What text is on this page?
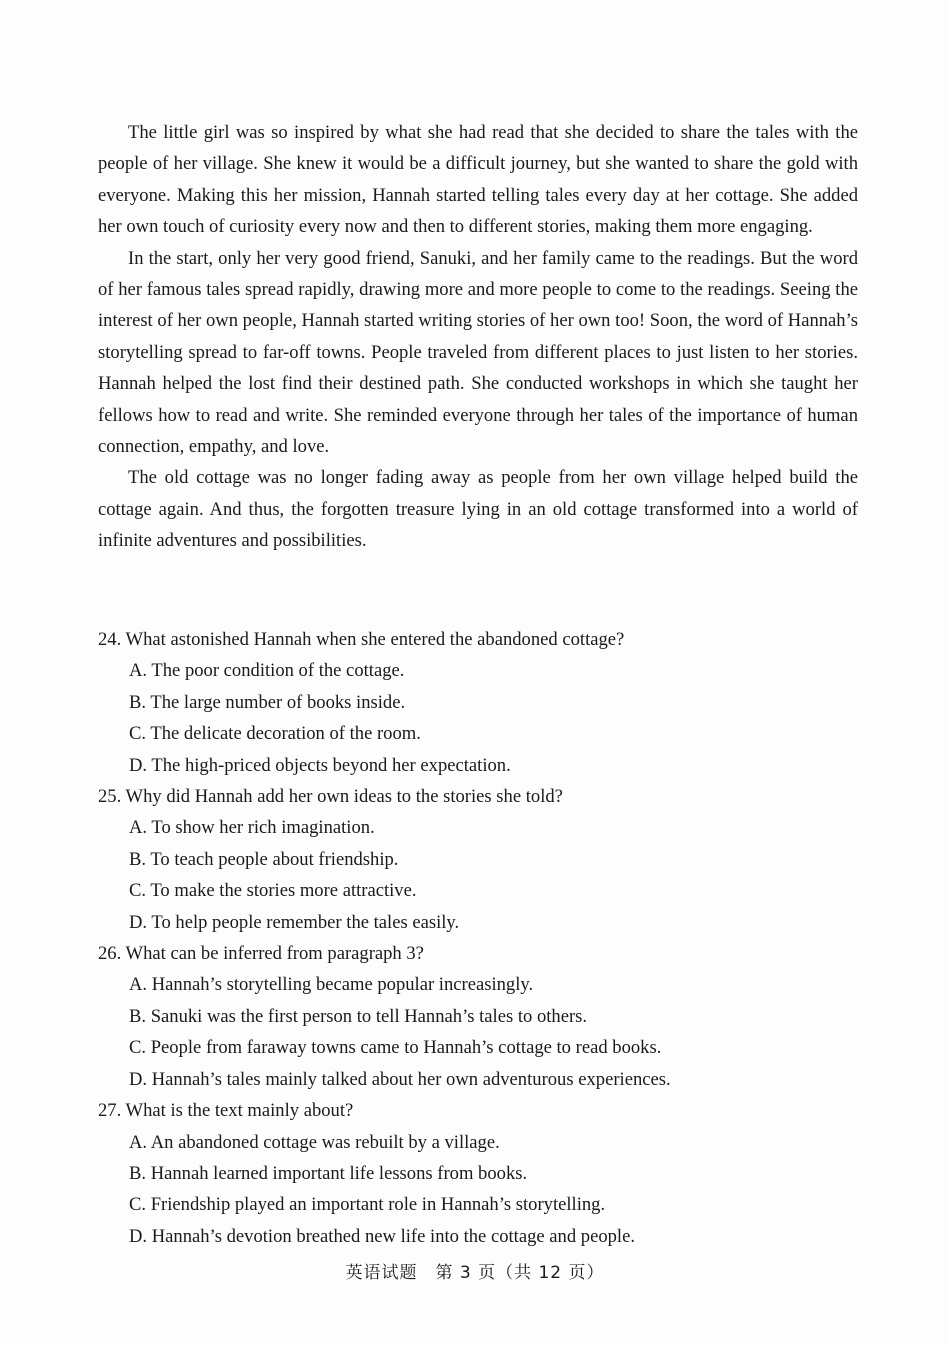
The little girl was so inspired by what she had read that she decided to share the tales with the people of her village. She knew it would be a difficult journey, but she wanted to share the gold with everyone. Making this her mission, Hannah started telling tales every day at her cottage. She added her own touch of curiosity every now and then to different stories, making them more engaging.

In the start, only her very good friend, Sanuki, and her family came to the readings. But the word of her famous tales spread rapidly, drawing more and more people to come to the readings. Seeing the interest of her own people, Hannah started writing stories of her own too! Soon, the word of Hannah’s storytelling spread to far-off towns. People traveled from different places to just listen to her stories. Hannah helped the lost find their destined path. She conducted workshops in which she taught her fellows how to read and write. She reminded everyone through her tales of the importance of human connection, empathy, and love.

The old cottage was no longer fading away as people from her own village helped build the cottage again. And thus, the forgotten treasure lying in an old cottage transformed into a world of infinite adventures and possibilities.

24. What astonished Hannah when she entered the abandoned cottage?
A. The poor condition of the cottage.
B. The large number of books inside.
C. The delicate decoration of the room.
D. The high-priced objects beyond her expectation.
25. Why did Hannah add her own ideas to the stories she told?
A. To show her rich imagination.
B. To teach people about friendship.
C. To make the stories more attractive.
D. To help people remember the tales easily.
26. What can be inferred from paragraph 3?
A. Hannah’s storytelling became popular increasingly.
B. Sanuki was the first person to tell Hannah’s tales to others.
C. People from faraway towns came to Hannah’s cottage to read books.
D. Hannah’s tales mainly talked about her own adventurous experiences.
27. What is the text mainly about?
A. An abandoned cottage was rebuilt by a village.
B. Hannah learned important life lessons from books.
C. Friendship played an important role in Hannah’s storytelling.
D. Hannah’s devotion breathed new life into the cottage and people.
英语试题　第 3 页（共 12 页）
